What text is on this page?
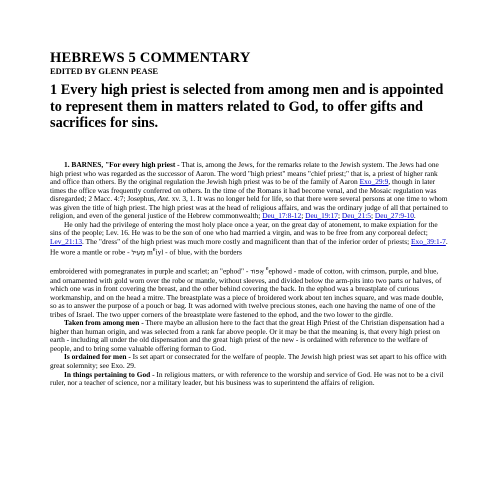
HEBREWS 5 COMMENTARY
EDITED BY GLENN PEASE
1 Every high priest is selected from among men and is appointed to represent them in matters related to God, to offer gifts and sacrifices for sins.

1. BARNES, "For every high priest - That is, among the Jews, for the remarks relate to the Jewish system. The Jews had one high priest who was regarded as the successor of Aaron. The word "high priest" means "chief priest;" that is, a priest of higher rank and office than others. By the original regulation the Jewish high priest was to be of the family of Aaron Exo_29:9, though in later times the office was frequently conferred on others. In the time of the Romans it had become venal, and the Mosaic regulation was disregarded; 2 Macc. 4:7; Josephus, Ant. xv. 3, 1. It was no longer held for life, so that there were several persons at one time to whom was given the title of high priest. The high priest was at the head of religious affairs, and was the ordinary judge of all that pertained to religion, and even of the general justice of the Hebrew commonwealth; Deu_17:8-12; Deu_19:17; Deu_21:5; Deu_27:9-10.

He only had the privilege of entering the most holy place once a year, on the great day of atonement, to make expiation for the sins of the people; Lev. 16. He was to be the son of one who had married a virgin, and was to be free from any corporeal defect; Lev_21:13. The "dress" of the high priest was much more costly and magnificent than that of the inferior order of priests; Exo_39:1-7. He wore a mantle or robe - מְעִיל $m^eiyl$ - of blue, with the borders

embroidered with pomegranates in purple and scarlet; an "ephod" - אֵפוֹד $^e$ephowd - made of cotton, with crimson, purple, and blue, and ornamented with gold worn over the robe or mantle, without sleeves, and divided below the arm-pits into two parts or halves, of which one was in front covering the breast, and the other behind covering the back. In the ephod was a breastplate of curious workmanship, and on the head a mitre. The breastplate was a piece of broidered work about ten inches square, and was made double, so as to answer the purpose of a pouch or bag. It was adorned with twelve precious stones, each one having the name of one of the tribes of Israel. The two upper corners of the breastplate were fastened to the ephod, and the two lower to the girdle.

Taken from among men - There maybe an allusion here to the fact that the great High Priest of the Christian dispensation had a higher than human origin, and was selected from a rank far above people. Or it may be that the meaning is, that every high priest on earth - including all under the old dispensation and the great high priest of the new - is ordained with reference to the welfare of people, and to bring some valuable offering forman to God.

Is ordained for men - Is set apart or consecrated for the welfare of people. The Jewish high priest was set apart to his office with great solemnity; see Exo. 29.

In things pertaining to God - In religious matters, or with reference to the worship and service of God. He was not to be a civil ruler, nor a teacher of science, nor a military leader, but his business was to superintend the affairs of religion.
